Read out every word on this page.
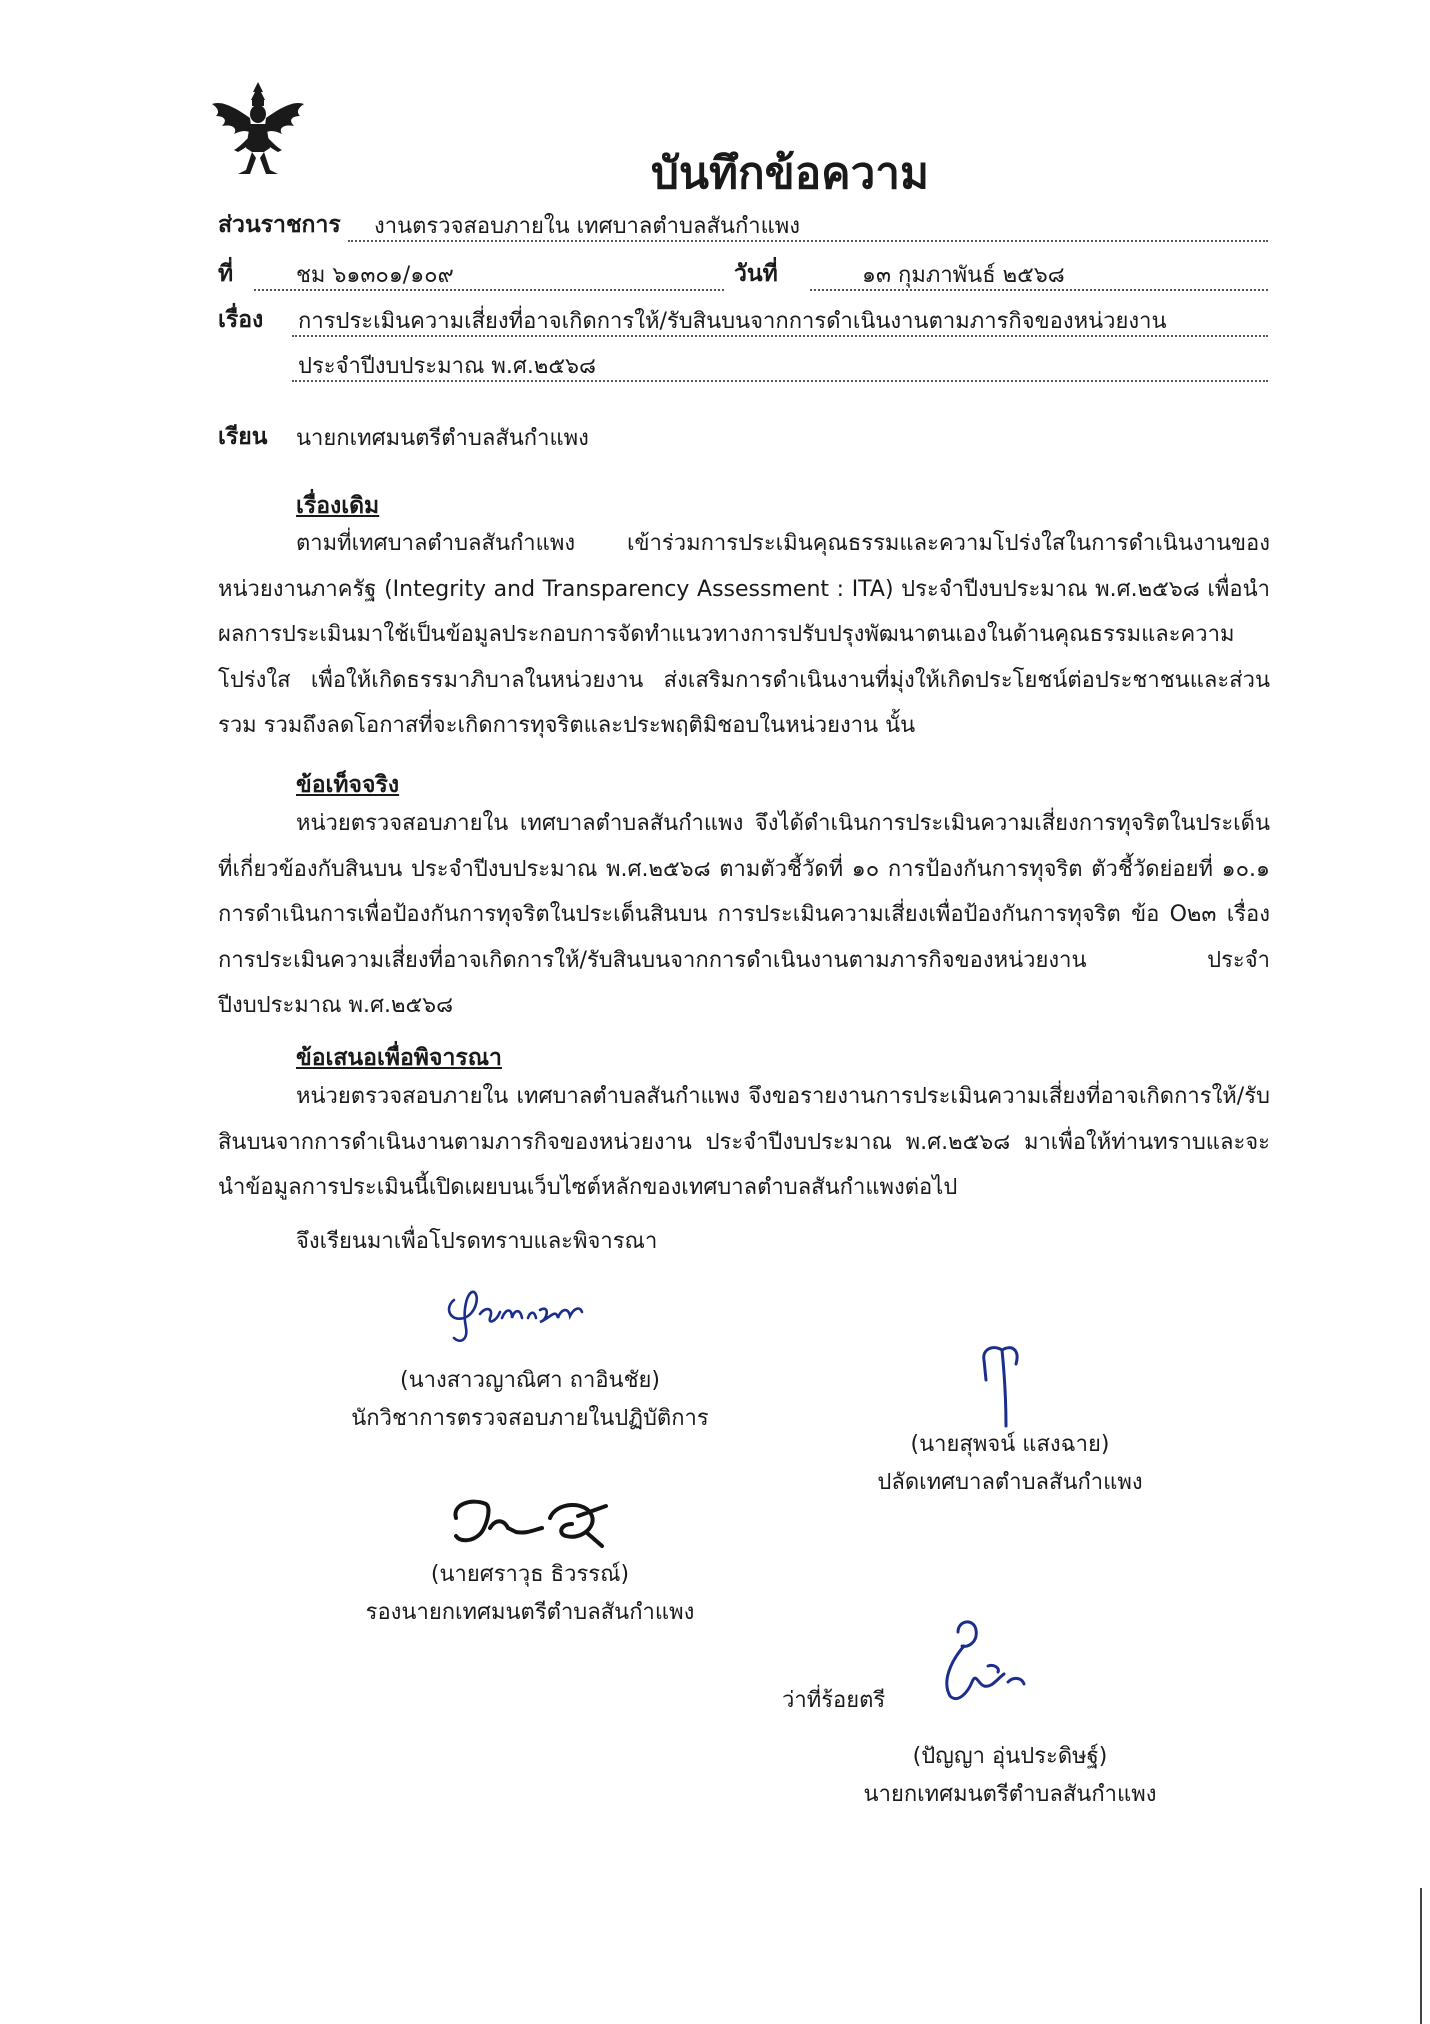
บันทึกข้อความ
ส่วนราชการ งานตรวจสอบภายใน เทศบาลตำบลสันกำแพง
ที่	ชม ๖๑๓๐๑/๑๐๙	วันที่	๑๓ กุมภาพันธ์ ๒๕๖๘
เรื่อง การประเมินความเสี่ยงที่อาจเกิดการให้/รับสินบนจากการดำเนินงานตามภารกิจของหน่วยงาน
ประจำปีงบประมาณ พ.ศ.๒๕๖๘
เรียน นายกเทศมนตรีตำบลสันกำแพง
เรื่องเดิม
ตามที่เทศบาลตำบลสันกำแพง เข้าร่วมการประเมินคุณธรรมและความโปร่งใสในการดำเนินงานของหน่วยงานภาครัฐ (Integrity and Transparency Assessment : ITA) ประจำปีงบประมาณ พ.ศ.๒๕๖๘ เพื่อนำผลการประเมินมาใช้เป็นข้อมูลประกอบการจัดทำแนวทางการปรับปรุงพัฒนาตนเองในด้านคุณธรรมและความโปร่งใส เพื่อให้เกิดธรรมาภิบาลในหน่วยงาน ส่งเสริมการดำเนินงานที่มุ่งให้เกิดประโยชน์ต่อประชาชนและส่วนรวม รวมถึงลดโอกาสที่จะเกิดการทุจริตและประพฤติมิชอบในหน่วยงาน นั้น
ข้อเท็จจริง
หน่วยตรวจสอบภายใน เทศบาลตำบลสันกำแพง จึงได้ดำเนินการประเมินความเสี่ยงการทุจริตในประเด็นที่เกี่ยวข้องกับสินบน ประจำปีงบประมาณ พ.ศ.๒๕๖๘ ตามตัวชี้วัดที่ ๑๐ การป้องกันการทุจริต ตัวชี้วัดย่อยที่ ๑๐.๑ การดำเนินการเพื่อป้องกันการทุจริตในประเด็นสินบน การประเมินความเสี่ยงเพื่อป้องกันการทุจริต ข้อ O๒๓ เรื่อง การประเมินความเสี่ยงที่อาจเกิดการให้/รับสินบนจากการดำเนินงานตามภารกิจของหน่วยงาน ประจำปีงบประมาณ พ.ศ.๒๕๖๘
ข้อเสนอเพื่อพิจารณา
หน่วยตรวจสอบภายใน เทศบาลตำบลสันกำแพง จึงขอรายงานการประเมินความเสี่ยงที่อาจเกิดการให้/รับสินบนจากการดำเนินงานตามภารกิจของหน่วยงาน ประจำปีงบประมาณ พ.ศ.๒๕๖๘ มาเพื่อให้ท่านทราบและจะนำข้อมูลการประเมินนี้เปิดเผยบนเว็บไซต์หลักของเทศบาลตำบลสันกำแพงต่อไป
จึงเรียนมาเพื่อโปรดทราบและพิจารณา
(นางสาวญาณิศา ถาอินชัย)
นักวิชาการตรวจสอบภายในปฏิบัติการ
(นายสุพจน์ แสงฉาย)
ปลัดเทศบาลตำบลสันกำแพง
(นายศราวุธ ธิวรรณ์)
รองนายกเทศมนตรีตำบลสันกำแพง
ว่าที่ร้อยตรี
(ปัญญา อุ่นประดิษฐ์)
นายกเทศมนตรีตำบลสันกำแพง
